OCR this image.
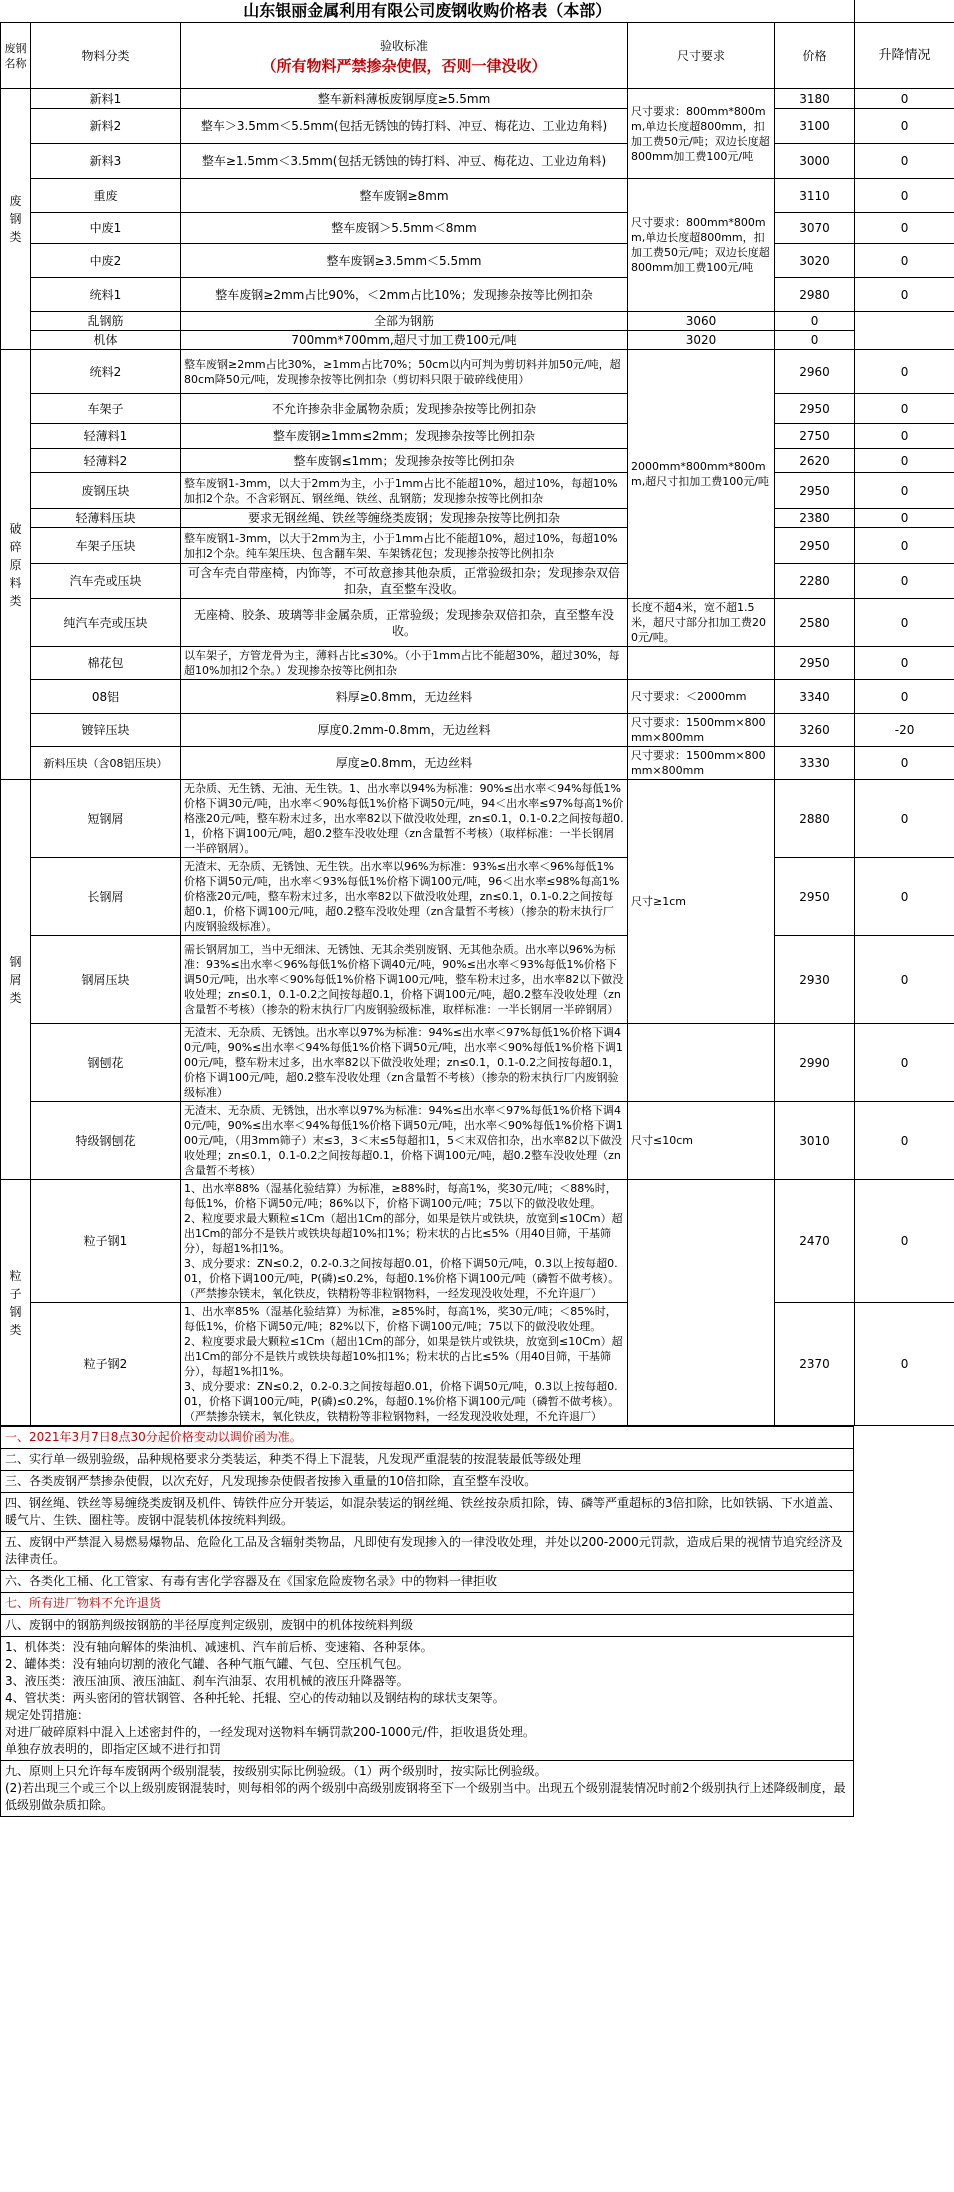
山东银丽金属利用有限公司废钢收购价格表（本部）					
废钢名称	物料分类	验收标准
（所有物料严禁掺杂使假，否则一律没收）	尺寸要求	价格	升降情况
废钢类	新料1	整车新料薄板废钢厚度≥5.5mm	尺寸要求：800mm*800mm,单边长度超800mm，扣加工费50元/吨；双边长度超800mm加工费100元/吨	3180	0
	新料2	整车＞3.5mm＜5.5mm(包括无锈蚀的铸打料、冲豆、梅花边、工业边角料)		3100	0
	新料3	整车≥1.5mm＜3.5mm(包括无锈蚀的铸打料、冲豆、梅花边、工业边角料)		3000	0
	重废	整车废钢≥8mm	尺寸要求：800mm*800mm,单边长度超800mm，扣加工费50元/吨；双边长度超800mm加工费100元/吨	3110	0
	中废1	整车废钢＞5.5mm＜8mm		3070	0
	中废2	整车废钢≥3.5mm＜5.5mm		3020	0
	统料1	整车废钢≥2mm占比90%，＜2mm占比10%；发现掺杂按等比例扣杂		2980	0
	乱钢筋	全部为钢筋	3060	0	
	机体	700mm*700mm,超尺寸加工费100元/吨	3020	0	
破碎原料类	统料2	整车废钢≥2mm占比30%，≥1mm占比70%；50cm以内可判为剪切料并加50元/吨，超80cm降50元/吨，发现掺杂按等比例扣杂（剪切料只限于破碎线使用）	2000mm*800mm*800mm,超尺寸扣加工费100元/吨	2960	0
	车架子	不允许掺杂非金属物杂质；发现掺杂按等比例扣杂		2950	0
	轻薄料1	整车废钢≥1mm≤2mm；发现掺杂按等比例扣杂		2750	0
	轻薄料2	整车废钢≤1mm；发现掺杂按等比例扣杂		2620	0
	废钢压块	整车废钢1-3mm，以大于2mm为主，小于1mm占比不能超10%，超过10%，每超10%加扣2个杂。不含彩钢瓦、钢丝绳、铁丝、乱钢筋；发现掺杂按等比例扣杂		2950	0
	轻薄料压块	要求无钢丝绳、铁丝等缠绕类废钢；发现掺杂按等比例扣杂		2380	0
	车架子压块	整车废钢1-3mm，以大于2mm为主，小于1mm占比不能超10%，超过10%，每超10%加扣2个杂。纯车架压块、包含翻车架、车架锈花包；发现掺杂按等比例扣杂		2950	0
	汽车壳或压块	可含车壳自带座椅，内饰等，不可故意掺其他杂质，正常验级扣杂；发现掺杂双倍扣杂，直至整车没收。		2280	0
	纯汽车壳或压块	无座椅、胶条、玻璃等非金属杂质，正常验级；发现掺杂双倍扣杂，直至整车没收。	长度不超4米，宽不超1.5米，超尺寸部分扣加工费200元/吨。	2580	0
	棉花包	以车架子，方管龙骨为主，薄料占比≤30%。（小于1mm占比不能超30%，超过30%，每超10%加扣2个杂。）发现掺杂按等比例扣杂		2950	0
	08铝	料厚≥0.8mm，无边丝料	尺寸要求：＜2000mm	3340	0
	镀锌压块	厚度0.2mm-0.8mm，无边丝料	尺寸要求：1500mm×800mm×800mm	3260	-20
	新料压块（含08铝压块）	厚度≥0.8mm，无边丝料	尺寸要求：1500mm×800mm×800mm	3330	0
钢屑类	短钢屑	无杂质、无生锈、无油、无生铁。1、出水率以94%为标准：90%≤出水率＜94%每低1%价格下调30元/吨，出水率＜90%每低1%价格下调50元/吨，94＜出水率≤97%每高1%价格涨20元/吨，整车粉末过多，出水率82以下做没收处理，zn≤0.1，0.1-0.2之间按每超0.1，价格下调100元/吨，超0.2整车没收处理（zn含量暂不考核）（取样标准：一半长钢屑一半碎钢屑）。	尺寸≥1cm	2880	0
	长钢屑	无渣末、无杂质、无锈蚀、无生铁。出水率以96%为标准：93%≤出水率＜96%每低1%价格下调50元/吨，出水率＜93%每低1%价格下调100元/吨，96＜出水率≤98%每高1%价格涨20元/吨，整车粉末过多，出水率82以下做没收处理，zn≤0.1，0.1-0.2之间按每超0.1，价格下调100元/吨，超0.2整车没收处理（zn含量暂不考核）（掺杂的粉末执行厂内废钢验级标准）。		2950	0
	钢屑压块	需长钢屑加工，当中无细沫、无锈蚀、无其余类别废钢、无其他杂质。出水率以96%为标准：93%≤出水率＜96%每低1%价格下调40元/吨，90%≤出水率＜93%每低1%价格下调50元/吨，出水率＜90%每低1%价格下调100元/吨，整车粉末过多，出水率82以下做没收处理；zn≤0.1，0.1-0.2之间按每超0.1，价格下调100元/吨，超0.2整车没收处理（zn含量暂不考核）（掺杂的粉末执行厂内废钢验级标准，取样标准：一半长钢屑一半碎钢屑）		2930	0
	钢刨花	无渣末、无杂质、无锈蚀。出水率以97%为标准：94%≤出水率＜97%每低1%价格下调40元/吨，90%≤出水率＜94%每低1%价格下调50元/吨，出水率＜90%每低1%价格下调100元/吨，整车粉末过多，出水率82以下做没收处理；zn≤0.1，0.1-0.2之间按每超0.1，价格下调100元/吨，超0.2整车没收处理（zn含量暂不考核）（掺杂的粉末执行厂内废钢验级标准）		2990	0
	特级钢刨花	无渣末、无杂质、无锈蚀，出水率以97%为标准：94%≤出水率＜97%每低1%价格下调40元/吨，90%≤出水率＜94%每低1%价格下调50元/吨，出水率＜90%每低1%价格下调100元/吨，（用3mm筛子）末≤3，3＜末≤5每超扣1，5＜末双倍扣杂，出水率82以下做没收处理；zn≤0.1，0.1-0.2之间按每超0.1，价格下调100元/吨，超0.2整车没收处理（zn含量暂不考核）	尺寸≤10cm	3010	0
粒子钢类	粒子钢1	1、出水率88%（湿基化验结算）为标准，≥88%时，每高1%，奖30元/吨；＜88%时，每低1%，价格下调50元/吨；86%以下，价格下调100元/吨；75以下的做没收处理。
2、粒度要求最大颗粒≤1Cm（超出1Cm的部分，如果是铁片或铁块，放宽到≤10Cm）超出1Cm的部分不是铁片或铁块每超10%扣1%；粉末状的占比≤5%（用40目筛，干基筛分），每超1%扣1%。
3、成分要求：ZN≤0.2，0.2-0.3之间按每超0.01，价格下调50元/吨，0.3以上按每超0.01，价格下调100元/吨，P(磷)≤0.2%，每超0.1%价格下调100元/吨（磷暂不做考核）。（严禁掺杂镁末，氧化铁皮，铁精粉等非粒钢物料，一经发现没收处理，不允许退厂）		2470	0
	粒子钢2	1、出水率85%（湿基化验结算）为标准，≥85%时，每高1%，奖30元/吨；＜85%时，每低1%，价格下调50元/吨；82%以下，价格下调100元/吨；75以下的做没收处理。
2、粒度要求最大颗粒≤1Cm（超出1Cm的部分，如果是铁片或铁块，放宽到≤10Cm）超出1Cm的部分不是铁片或铁块每超10%扣1%；粉末状的占比≤5%（用40目筛，干基筛分），每超1%扣1%。
3、成分要求：ZN≤0.2，0.2-0.3之间按每超0.01，价格下调50元/吨，0.3以上按每超0.01，价格下调100元/吨，P(磷)≤0.2%，每超0.1%价格下调100元/吨（磷暂不做考核）。（严禁掺杂镁末，氧化铁皮，铁精粉等非粒钢物料，一经发现没收处理，不允许退厂）		2370	0
一、2021年3月7日8点30分起价格变动以调价函为准。
二、实行单一级别验级，品种规格要求分类装运，种类不得上下混装，凡发现严重混装的按混装最低等级处理
三、各类废钢严禁掺杂使假，以次充好，凡发现掺杂使假者按掺入重量的10倍扣除，直至整车没收。
四、钢丝绳、铁丝等易缠绕类废钢及机件、铸铁件应分开装运，如混杂装运的钢丝绳、铁丝按杂质扣除，铸、磷等严重超标的3倍扣除，比如铁锅、下水道盖、暖气片、生铁、圈柱等。废钢中混装机体按统料判级。
五、废钢中严禁混入易燃易爆物品、危险化工品及含辐射类物品，凡即使有发现掺入的一律没收处理，并处以200-2000元罚款，造成后果的视情节追究经济及法律责任。
六、各类化工桶、化工管家、有毒有害化学容器及在《国家危险废物名录》中的物料一律拒收
七、所有进厂物料不允许退货
八、废钢中的钢筋判级按钢筋的半径厚度判定级别，废钢中的机体按统料判级
1、机体类：没有轴向解体的柴油机、减速机、汽车前后桥、变速箱、各种泵体。
2、罐体类：没有轴向切割的液化气罐、各种气瓶气罐、气包、空压机气包。
3、液压类：液压油顶、液压油缸、刹车汽油泵、农用机械的液压升降器等。
4、管状类：两头密闭的管状钢管、各种托轮、托辊、空心的传动轴以及钢结构的球状支架等。
规定处罚措施：
对进厂破碎原料中混入上述密封件的，一经发现对送物料车辆罚款200-1000元/件，拒收退货处理。
单独存放表明的，即指定区域不进行扣罚
九、原则上只允许每车废钢两个级别混装，按级别实际比例验级。（1）两个级别时，按实际比例验级。
(2)若出现三个或三个以上级别废钢混装时，则每相邻的两个级别中高级别废钢将至下一个级别当中。出现五个级别混装情况时前2个级别执行上述降级制度，最低级别做杂质扣除。
